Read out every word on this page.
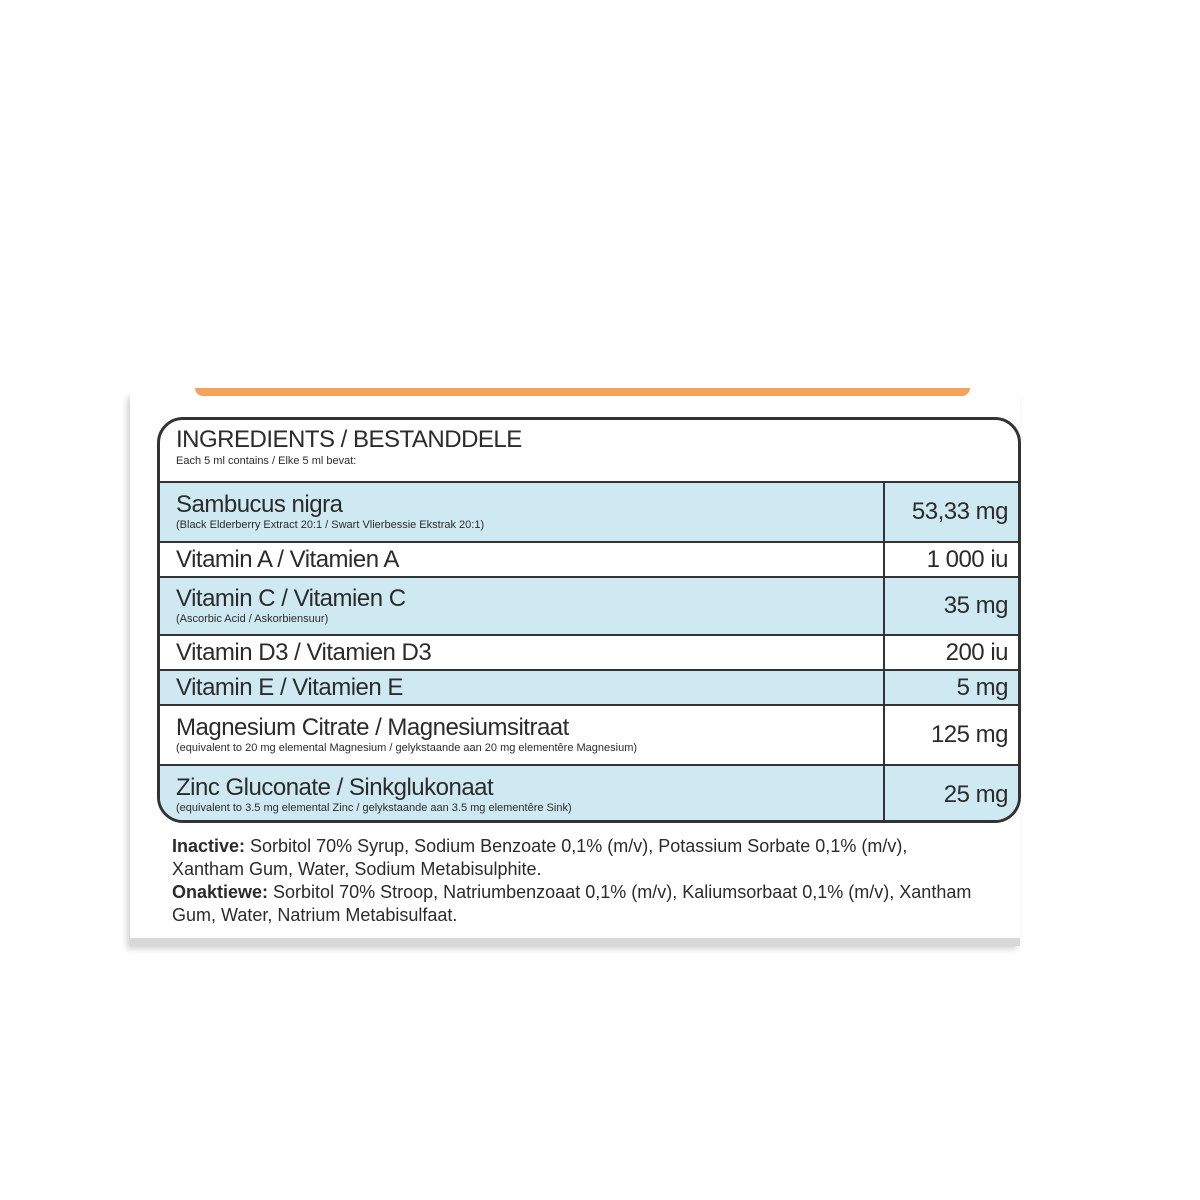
INGREDIENTS / BESTANDDELE
Each 5 ml contains / Elke 5 ml bevat:
Sambucus nigra
(Black Elderberry Extract 20:1 / Swart Vlierbessie Ekstrak 20:1)	53,33 mg
Vitamin A / Vitamien A	1 000 iu
Vitamin C / Vitamien C
(Ascorbic Acid / Askorbiensuur)	35 mg
Vitamin D3 / Vitamien D3	200 iu
Vitamin E / Vitamien E	5 mg
Magnesium Citrate / Magnesiumsitraat
(equivalent to 20 mg elemental Magnesium / gelykstaande aan 20 mg elementêre Magnesium)	125 mg
Zinc Gluconate / Sinkglukonaat
(equivalent to 3.5 mg elemental Zinc / gelykstaande aan 3.5 mg elementêre Sink)	25 mg
Inactive: Sorbitol 70% Syrup, Sodium Benzoate 0,1% (m/v), Potassium Sorbate 0,1% (m/v), Xantham Gum, Water, Sodium Metabisulphite.
Onaktiewe: Sorbitol 70% Stroop, Natriumbenzoaat 0,1% (m/v), Kaliumsorbaat 0,1% (m/v), Xantham Gum, Water, Natrium Metabisulfaat.
